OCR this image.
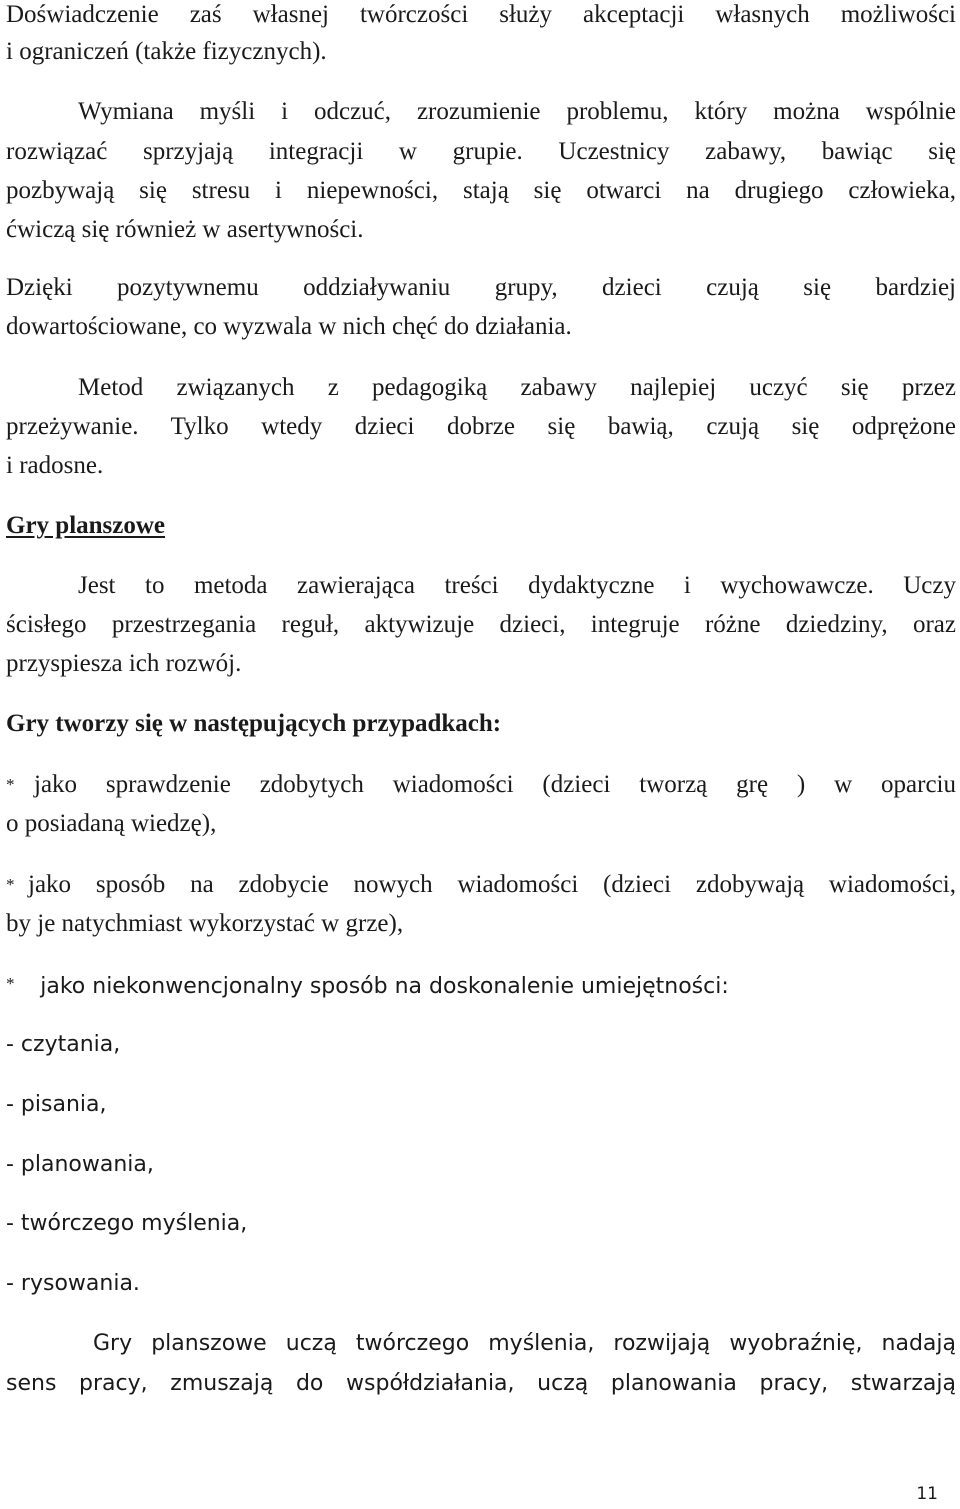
Doświadczenie zaś własnej twórczości służy akceptacji własnych możliwości

i ograniczeń (także fizycznych).

Wymiana myśli i odczuć, zrozumienie problemu, który można wspólnie

rozwiązać sprzyjają integracji w grupie. Uczestnicy zabawy, bawiąc się

pozbywają się stresu i niepewności, stają się otwarci na drugiego człowieka,

ćwiczą się również w asertywności.

Dzięki pozytywnemu oddziaływaniu grupy, dzieci czują się bardziej

dowartościowane, co wyzwala w nich chęć do działania.

Metod związanych z pedagogiką zabawy najlepiej uczyć się przez

przeżywanie. Tylko wtedy dzieci dobrze się bawią, czują się odprężone

i radosne.

Gry planszowe

Jest to metoda zawierająca treści dydaktyczne i wychowawcze. Uczy

ścisłego przestrzegania reguł, aktywizuje dzieci, integruje różne dziedziny, oraz

przyspiesza ich rozwój.

Gry tworzy się w następujących przypadkach:

* jako sprawdzenie zdobytych wiadomości (dzieci tworzą grę ) w oparciu

o posiadaną wiedzę),

* jako sposób na zdobycie nowych wiadomości (dzieci zdobywają wiadomości,

by je natychmiast wykorzystać w grze),

* jako niekonwencjonalny sposób na doskonalenie umiejętności:

- czytania,

- pisania,

- planowania,

- twórczego myślenia,

- rysowania.

Gry planszowe uczą twórczego myślenia, rozwijają wyobraźnię, nadają

sens pracy, zmuszają do współdziałania, uczą planowania pracy, stwarzają

11
